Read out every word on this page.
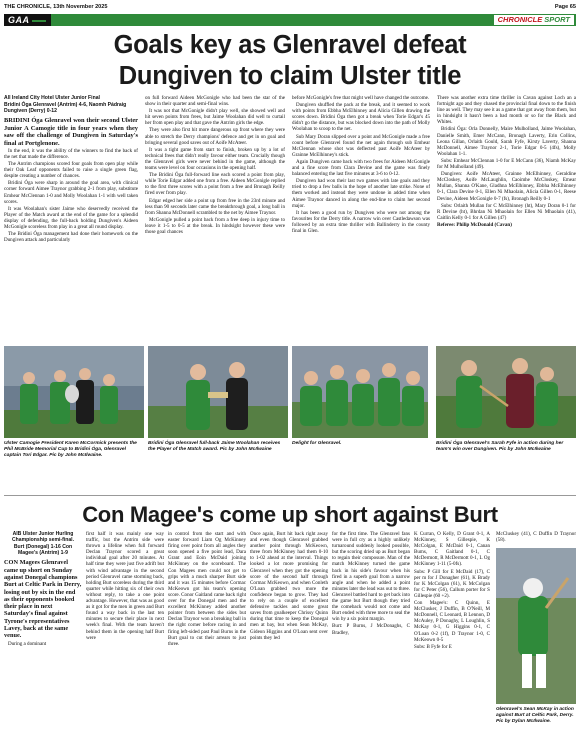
THE CHRONICLE, 13th November 2025	Page 65
GAA	CHRONICLE SPORT
Goals key as Glenravel defeat
Dungiven to claim Ulster title

All Ireland City Hotel Ulster Junior Final

Bridini Óga Glenravel (Antrim) 4-6, Naomh Pádraig Dungiven (Derry) 0-12

BRIDINI Óga Glenravel won their second Ulster Junior A Camogie title in four years when they saw off the challenge of Dungiven in Saturday's final at Portglenone.

In the end, it was the ability of the winners to find the back of the net that made the difference.

The Antrim champions scored four goals from open play while their Oak Leaf opponents failed to raise a single green flag, despite creating a number of chances.

Bridini Óga were sharp in around the goal area, with clinical corner forward Aimee Traynor grabbing 2-1 from play, substitute Emhear McClennan 1-0 and Molly Woolahan 1-1 with well taken scores.

It was Woolahan's sister Jaime who deservedly received the Player of the Match award at the end of the game for a splendid display of defending, the full-back holding Dungiven's Aideen McGonigle scoreless from play in a great all round display.

The Bridini Óga management had done their homework on the Dungiven attack and particularly

on full forward Aideen McGonigle who had been the star of the show in their quarter and semi-final wins.

It was not that McGonigle didn't play well, she showed well and hit seven points from frees, but Jaime Woolahan did well to curtail her from open play and that gave the Antrim girls the edge.

They were also first hit more dangerous up front where they were able to stretch the Derry champions' defence and get in on goal and bringing several good saves out of Aoife McAteer.

It was a tight game from start to finish, broken up by a lot of technical frees that didn't really favour either team. Crucially though the Glenravel girls were never behind in the game, although the teams were level on four occasions in the opening half.

The Bridini Óga full-forward line each scored a point from play, while Torie Edgar added one from a free. Aideen McGonigle replied to the first three scores with a point from a free and Bronagh Reilly fired over from play.

Edgar edged her side a point up from free in the 23rd minute and less than 90 seconds later came the breakthrough goal, a long ball in from Shanna McDonnell scrambled to the net by Aimee Traynor.

McGonigle pulled a point back from a free deep in injury time to leave it 1-5 to 0-5 at the break. In hindsight however these were those goal chances

before McGonigle's free that might well have changed the outcome.

Dungiven shuffled the pack at the break, and it seemed to work with points from Ebbha McElhinney and Alicia Gillen drawing the scores down. Bridini Óga then got a break when Torie Edgar's 45 didn't go the distance, but was blocked down into the path of Molly Woolahan to scoop to the net.

Sub Mary Doran slipped over a point and McGonigle made a free count before Glenravel found the net again through sub Emhear McClennan whose shot was deflected past Aoife McAteer by Grainne McElhinney's stick.

Again Dungiven came back with two frees for Aideen McGonigle and a fine score from Clara Devine and the game was finely balanced entering the last five minutes at 3-6 to 0-12.

Dungiven had won their last two games with late goals and they tried to drop a few balls in the hope of another late strike. None of them worked and instead they were undone in added time when Aimee Traynor danced in along the end-line to claim her second major.

It has been a good run by Dungiven who were not among the favourites for the Derry title. A narrow win over Castledawson was followed by an extra time thriller with Ballinderry in the county final in Glen.

There was another extra time thriller in Cavan against Loch an a fortnight ago and they chased the provincial final down to the finish line as well. They may see it as a game that got away from them, but in hindsight it hasn't been a bad month or so for the Black and Whites.

Bridini Óga: Orla Donnelly, Maire Mulholland, Jaime Woolahan, Danielle Smith, Emer McCann, Bronagh Laverty, Erin Collins, Leona Gillan, Orlaith Gould, Sarah Fyfe, Kirsty Laverty, Shanna McDonnell, Aimee Traynor 2-1, Torie Edgar 0-5 (4fs), Molly Woolahan 1-1.

Subs: Emhear McClennan 1-0 for E McCann (36), Niamh McKay for M Mulholland (49).

Dungiven: Aoife McAteer, Grainne McElhinney, Geraldine McCloskey, Aoife McLaughlin, Caoimhe McCloskey, Emear Mullan, Shanna O'Kane, Gladhna McElhinney, Ebbha McElhinney 0-1, Clara Devine 0-1, Ellen Ni Mhaolain, Alicia Gillen 0-1, Reese Devine, Aideen McGonigle 0-7 (fs), Bronagh Reilly 0-1

Subs: Orlaith Mullan for C McElhinney (ht), Mary Doran 0-1 for R Devine (ht), Bhrdan Ni Mhaolain for Ellen Ni Mhaolain (41), Caitlin Kelly 0-1 for A Gillen (47)

Referee: Philip McDonald (Cavan)

Ulster Camogie President Karen McCormick presents the Phil McBride Memorial Cup to Bridini Óga, Glenravel captain Tori Edgar. Pic by John McIlwaine.
Bridini Óga Glenravel full-back Jaime Woolahan receives the Player of the Match award. Pic by John McIlwaine
Delight for Glenravel.	Bridini Óga Glenravel's Sarah Fyfe in action during her team's win over Dungiven. Pic by John McIlwaine
Con Magee's come up short against Burt

AIB Ulster Junior Hurling Championship semi-final.

Burt (Donegal) 1-16 Con Magee's (Antrim) 1-9

CON Magees Glenravel came up short on Sunday against Donegal champions Burt at Celtic Park in Derry, losing out by six in the end as their opponents booked their place in next Saturday's final against Tyrone's representatives Lavey, back at the same venue.

During a dominant

first half it was mainly one way traffic, but the Antrim side were thrown a lifeline when full forward Declan Traynor scored a great individual goal after 20 minutes. At half time they were just five adrift but with wind advantage in the second period Glenravel came storming back, holding Burt scoreless during the third quarter while hitting six of their own without reply, to take a one point advantage. However, that was as good as it got for the men in green and Burt found a way back in the last ten minutes to secure their place in next week's final. With the team haven't behind them in the opening half Burt were

in control from the start and with easter forward Liam Og McKinney firing over point from all angles they soon opened a five point lead, Dara Grant and Eoin McDaid joining McKinney on the scoreboard. The Con Magees men could not get to grips with a much sharper Burt side and it was 15 minutes before Cormac McKeown got his team's opening score. Conor Gaitland came back right over for the Donegal men and the excellent McKinney added another pointer from between the sides but Declan Traynor won a breaking ball in the right corner before racing in and firing left-sided past Paul Burns in the Burt goal to cut their arrears to just three.

Once again, Burt hit back right away and even though Glenravel grabbed another point through McKeown, three from McKinney had them 0-10 to 1-02 ahead at the interval. Things looked a lot more promising for Glenravel when they got the opening score of the second half through Cormac McKeown, and when Conleth O'Loan grabbed two more the confidence began to grow. They had to rely on a couple of excellent defensive tackles and some great saves from goalkeeper Chrissy Quinn during that time to keep the Donegal men at bay, but when Sean McKay, Gideon Higgins and O'Loan sent over points they led

for the first time. The Glenravel fans were in full cry as a highly unlikely turnaround suddenly looked possible, but the scoring dried up as Burt began to regain their composure. Man of the match McKinney turned the game back in his side's favour when his fired in a superb goal from a narrow angle and when he added a point minutes later the lead was out to three. Glenravel battled hard to get back into the game but Burt though they tried the comeback would not come and Burt ended with three more to seal the win by a six point margin.

Burt: P Burns, J McDonaghs, C Bradley,

K Curran, O Kelly, D Grant 0-1, A McKinney, S Gillespie, K McColgan, E McDaid 0-1, Canan Bums, C Gaitland 0-1, C McDermott, R McDermott 0-1, L Og McKinney 1-11 (5-0fs).

Subs: P Gill for E McDaid (17), C per m for J Donagher (61), K Brady for K McColgan (61), K McColgan for C Peter (56), Callum porter for S Gillespie (60 +2).

Con Magee's: C Quinn, E McClusker, J Duffin, B O'Neill, M McDonnell, C Leonard, B Lennon, D McAuley, P Donaghy, L Loughlin, S McKay 0-1, G Higgins 0-1, C O'Loan 0-2 (1f), D Traynor 1-0, C McKeown 0-5

Subs: B Fyfe for E

McCluskey (41), C Duffin D Traynor (58).

Glenravel's Sean McKay in action against Burt at Celtic Park, Derry. Pic by Dylan McIlwaine.
